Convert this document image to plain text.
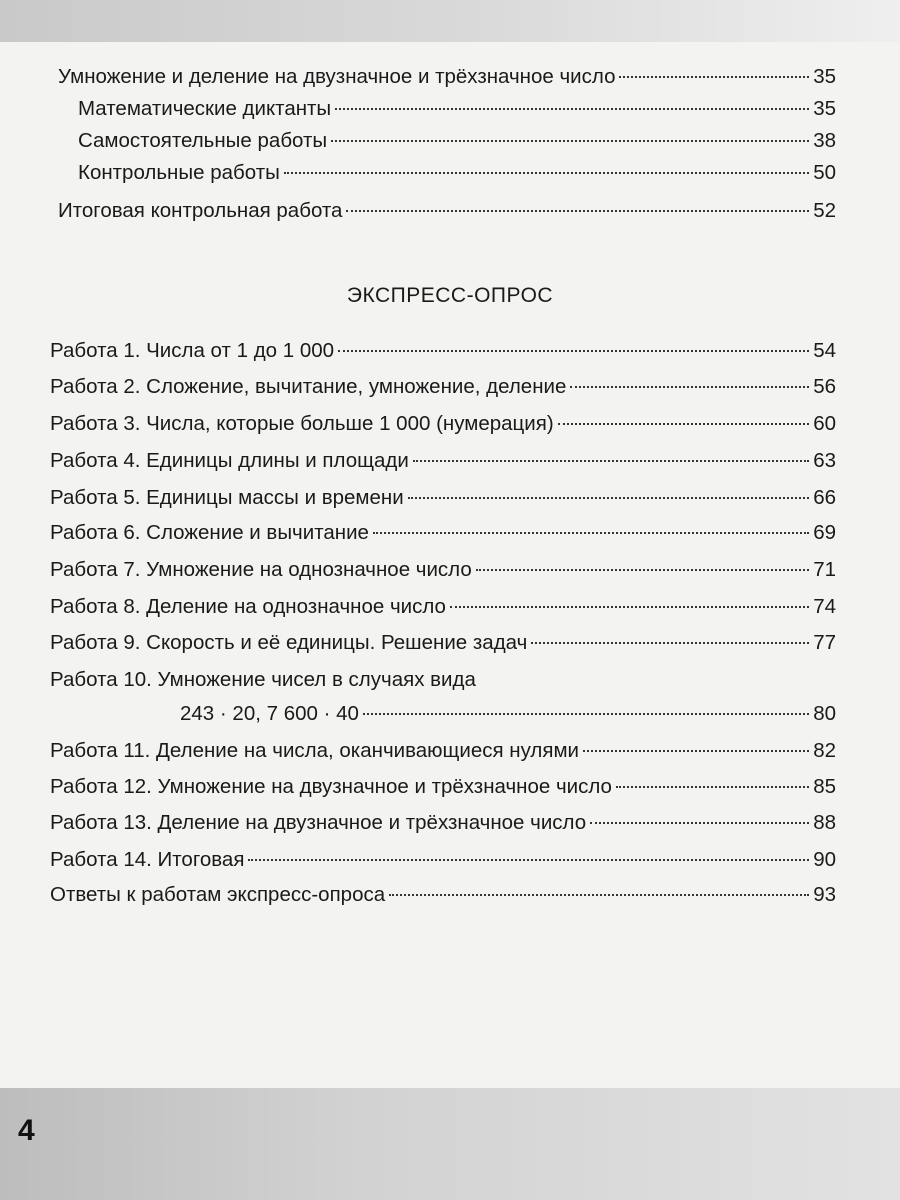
Умножение и деление на двузначное и трёхзначное число	35
Математические диктанты	35
Самостоятельные работы	38
Контрольные работы	50
Итоговая контрольная работа	52
ЭКСПРЕСС-ОПРОС
Работа 1. Числа от 1 до 1 000	54
Работа 2. Сложение, вычитание, умножение, деление	56
Работа 3. Числа, которые больше 1 000 (нумерация)	60
Работа 4. Единицы длины и площади	63
Работа 5. Единицы массы и времени	66
Работа 6. Сложение и вычитание	69
Работа 7. Умножение на однозначное число	71
Работа 8. Деление на однозначное число	74
Работа 9. Скорость и её единицы. Решение задач	77
Работа 10. Умножение чисел в случаях вида
243 · 20, 7 600 · 40	80
Работа 11. Деление на числа, оканчивающиеся нулями	82
Работа 12. Умножение на двузначное и трёхзначное число	85
Работа 13. Деление на двузначное и трёхзначное число	88
Работа 14. Итоговая	90
Ответы к работам экспресс-опроса	93
4
